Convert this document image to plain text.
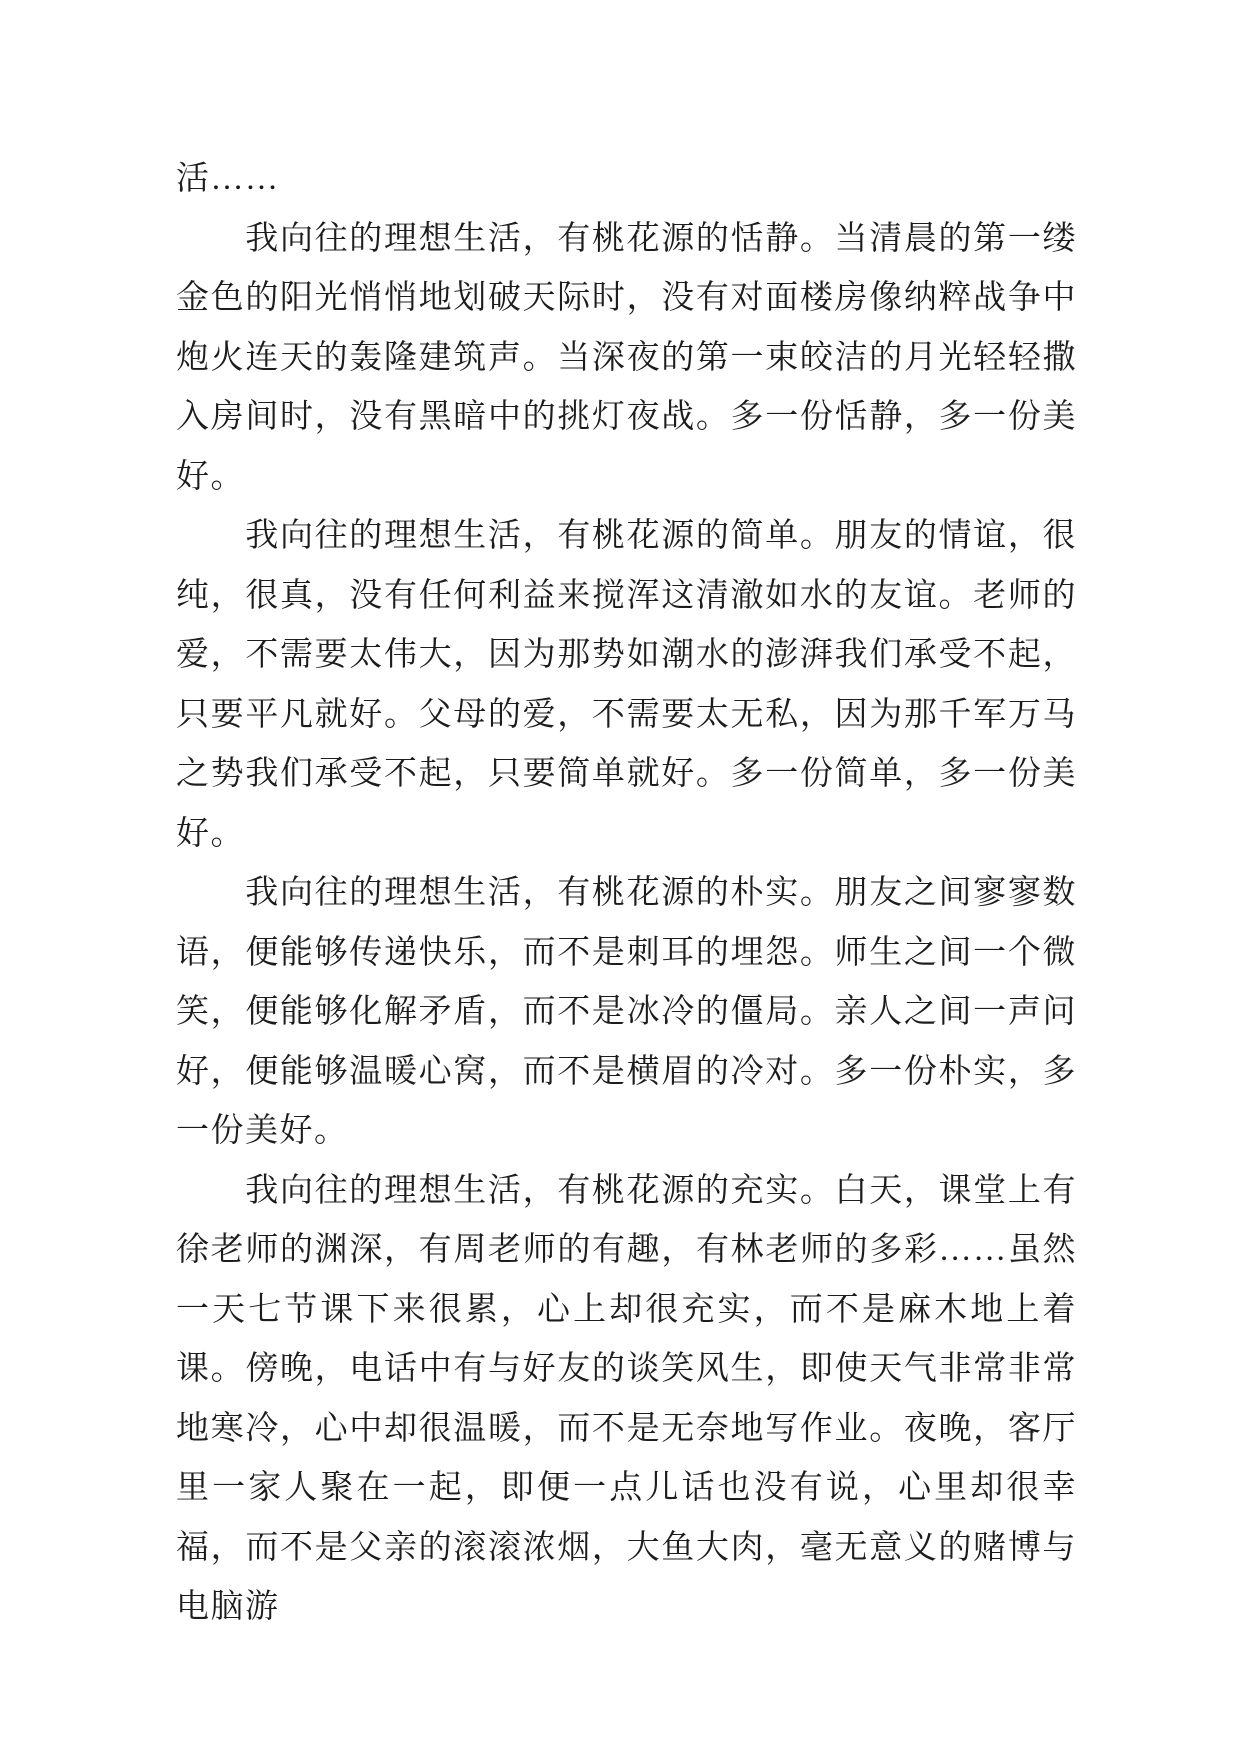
活……

我向往的理想生活，有桃花源的恬静。当清晨的第一缕金色的阳光悄悄地划破天际时，没有对面楼房像纳粹战争中炮火连天的轰隆建筑声。当深夜的第一束皎洁的月光轻轻撒入房间时，没有黑暗中的挑灯夜战。多一份恬静，多一份美好。

我向往的理想生活，有桃花源的简单。朋友的情谊，很纯，很真，没有任何利益来搅浑这清澈如水的友谊。老师的爱，不需要太伟大，因为那势如潮水的澎湃我们承受不起，只要平凡就好。父母的爱，不需要太无私，因为那千军万马之势我们承受不起，只要简单就好。多一份简单，多一份美好。

我向往的理想生活，有桃花源的朴实。朋友之间寥寥数语，便能够传递快乐，而不是刺耳的埋怨。师生之间一个微笑，便能够化解矛盾，而不是冰冷的僵局。亲人之间一声问好，便能够温暖心窝，而不是横眉的冷对。多一份朴实，多一份美好。

我向往的理想生活，有桃花源的充实。白天，课堂上有徐老师的渊深，有周老师的有趣，有林老师的多彩……虽然一天七节课下来很累，心上却很充实，而不是麻木地上着课。傍晚，电话中有与好友的谈笑风生，即使天气非常非常地寒冷，心中却很温暖，而不是无奈地写作业。夜晚，客厅里一家人聚在一起，即便一点儿话也没有说，心里却很幸福，而不是父亲的滚滚浓烟，大鱼大肉，毫无意义的赌博与电脑游
